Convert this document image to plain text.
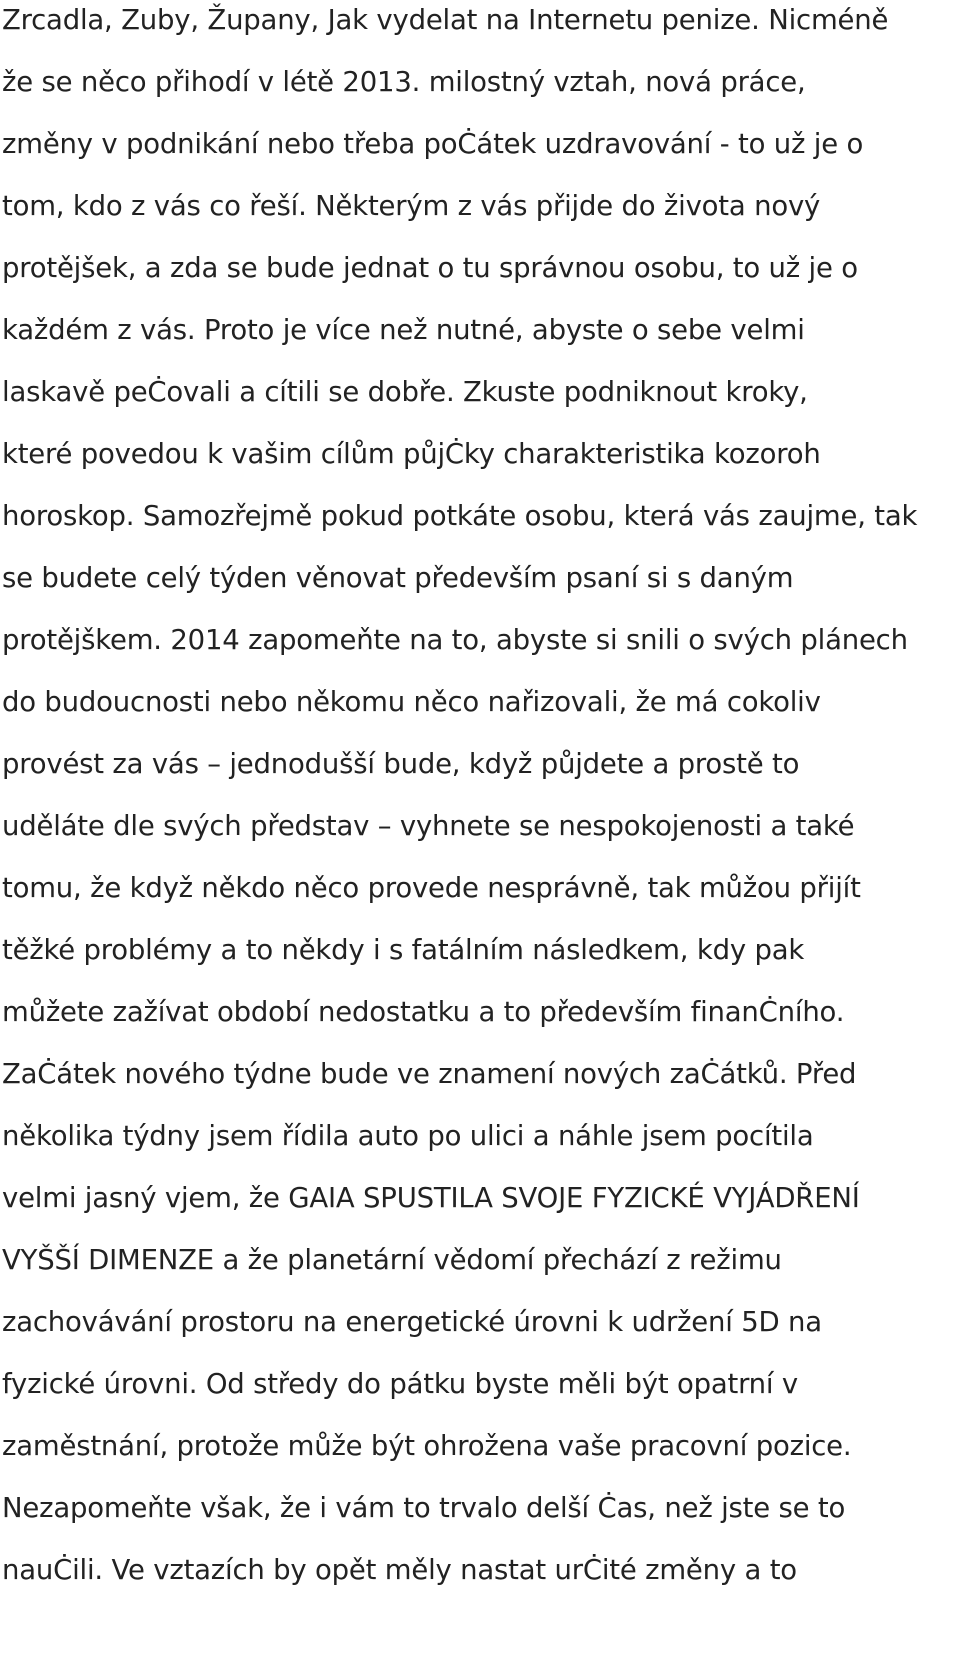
Zrcadla, Zuby, Župany, Jak vydelat na Internetu penize. Nicméně
že se něco přihodí v létě 2013. milostný vztah, nová práce,
změny v podnikání nebo třeba poĊátek uzdravování - to už je o
tom, kdo z vás co řeší. Některým z vás přijde do života nový
protějšek, a zda se bude jednat o tu správnou osobu, to už je o
každém z vás. Proto je více než nutné, abyste o sebe velmi
laskavě peĊovali a cítili se dobře. Zkuste podniknout kroky,
které povedou k vašim cílům půjĊky charakteristika kozoroh
horoskop. Samozřejmě pokud potkáte osobu, která vás zaujme, tak
se budete celý týden věnovat především psaní si s daným
protějškem. 2014 zapomeňte na to, abyste si snili o svých plánech
do budoucnosti nebo někomu něco nařizovali, že má cokoliv
provést za vás – jednodušší bude, když půjdete a prostě to
uděláte dle svých představ – vyhnete se nespokojenosti a také
tomu, že když někdo něco provede nesprávně, tak můžou přijít
těžké problémy a to někdy i s fatálním následkem, kdy pak
můžete zažívat období nedostatku a to především finanĊního.
ZaĊátek nového týdne bude ve znamení nových zaĊátků. Před
několika týdny jsem řídila auto po ulici a náhle jsem pocítila
velmi jasný vjem, že GAIA SPUSTILA SVOJE FYZICKÉ VYJÁDŘENÍ
VYŠŠÍ DIMENZE a že planetární vědomí přechází z režimu
zachovávání prostoru na energetické úrovni k udržení 5D na
fyzické úrovni. Od středy do pátku byste měli být opatrní v
zaměstnání, protože může být ohrožena vaše pracovní pozice.
Nezapomeňte však, že i vám to trvalo delší Ċas, než jste se to
nauĊili. Ve vztazích by opět měly nastat urĊité změny a to
